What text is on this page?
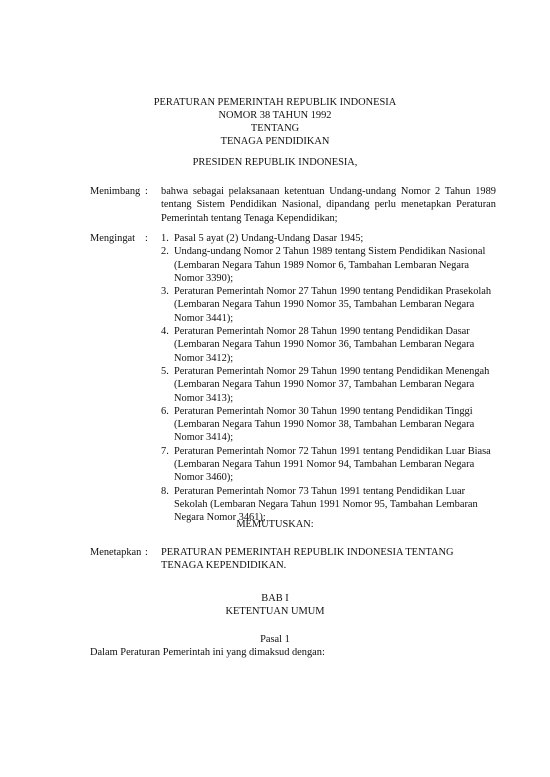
PERATURAN PEMERINTAH REPUBLIK INDONESIA
NOMOR 38 TAHUN 1992
TENTANG
TENAGA PENDIDIKAN
PRESIDEN REPUBLIK INDONESIA,
Menimbang : bahwa sebagai pelaksanaan ketentuan Undang-undang Nomor 2 Tahun 1989 tentang Sistem Pendidikan Nasional, dipandang perlu menetapkan Peraturan Pemerintah tentang Tenaga Kependidikan;
Mengingat : 1. Pasal 5 ayat (2) Undang-Undang Dasar 1945;
2. Undang-undang Nomor 2 Tahun 1989 tentang Sistem Pendidikan Nasional (Lembaran Negara Tahun 1989 Nomor 6, Tambahan Lembaran Negara Nomor 3390);
3. Peraturan Pemerintah Nomor 27 Tahun 1990 tentang Pendidikan Prasekolah (Lembaran Negara Tahun 1990 Nomor 35, Tambahan Lembaran Negara Nomor 3441);
4. Peraturan Pemerintah Nomor 28 Tahun 1990 tentang Pendidikan Dasar (Lembaran Negara Tahun 1990 Nomor 36, Tambahan Lembaran Negara Nomor 3412);
5. Peraturan Pemerintah Nomor 29 Tahun 1990 tentang Pendidikan Menengah (Lembaran Negara Tahun 1990 Nomor 37, Tambahan Lembaran Negara Nomor 3413);
6. Peraturan Pemerintah Nomor 30 Tahun 1990 tentang Pendidikan Tinggi (Lembaran Negara Tahun 1990 Nomor 38, Tambahan Lembaran Negara Nomor 3414);
7. Peraturan Pemerintah Nomor 72 Tahun 1991 tentang Pendidikan Luar Biasa (Lembaran Negara Tahun 1991 Nomor 94, Tambahan Lembaran Negara Nomor 3460);
8. Peraturan Pemerintah Nomor 73 Tahun 1991 tentang Pendidikan Luar Sekolah (Lembaran Negara Tahun 1991 Nomor 95, Tambahan Lembaran Negara Nomor 3461);
MEMUTUSKAN:
Menetapkan : PERATURAN PEMERINTAH REPUBLIK INDONESIA TENTANG TENAGA KEPENDIDIKAN.
BAB I
KETENTUAN UMUM
Pasal 1
Dalam Peraturan Pemerintah ini yang dimaksud dengan:
